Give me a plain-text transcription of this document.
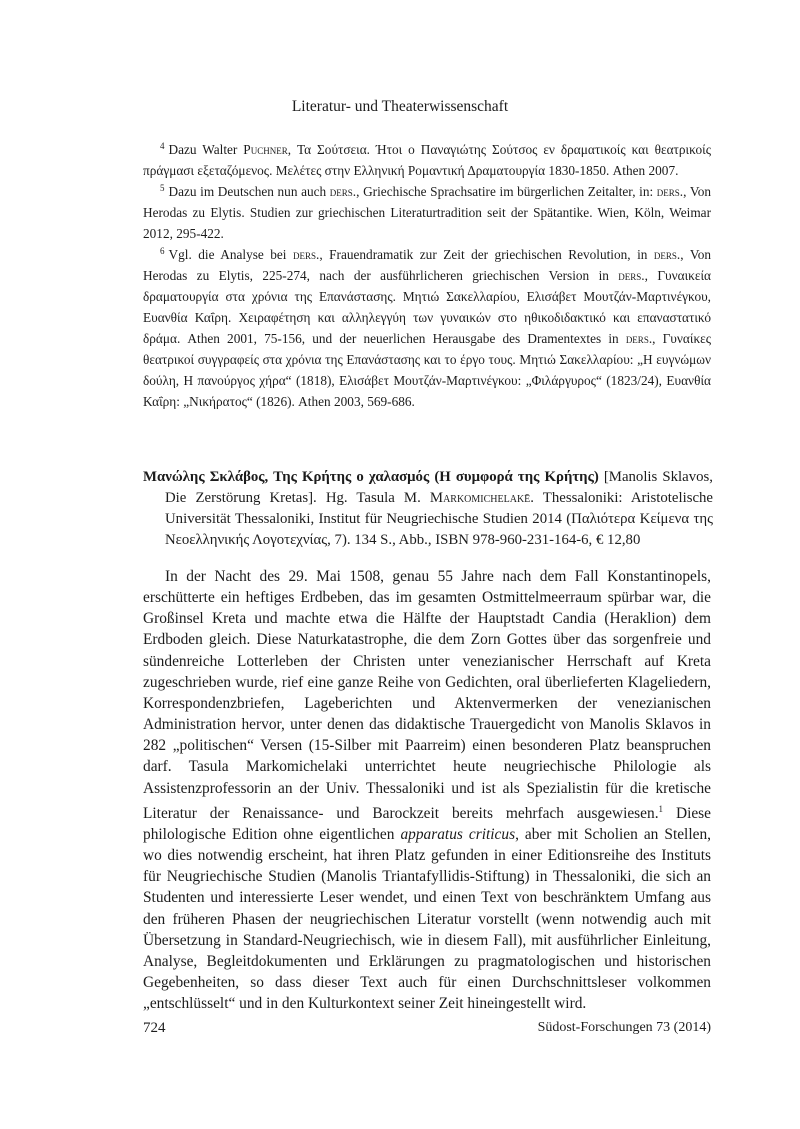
Literatur- und Theaterwissenschaft

$^4$ Dazu Walter Puchner, Τα Σούτσεια. Ήτοι ο Παναγιώτης Σούτσος εν δραματικοίς και θεατρικοίς πράγμασι εξεταζόμενος. Μελέτες στην Ελληνική Ρομαντική Δραματουργία 1830-1850. Athen 2007.

$^5$ Dazu im Deutschen nun auch ders., Griechische Sprachsatire im bürgerlichen Zeitalter, in: ders., Von Herodas zu Elytis. Studien zur griechischen Literaturtradition seit der Spätantike. Wien, Köln, Weimar 2012, 295-422.

$^6$ Vgl. die Analyse bei ders., Frauendramatik zur Zeit der griechischen Revolution, in ders., Von Herodas zu Elytis, 225-274, nach der ausführlicheren griechischen Version in ders., Γυναικεία δραματουργία στα χρόνια της Επανάστασης. Μητιώ Σακελλαρίου, Ελισάβετ Μουτζάν-Μαρτινέγκου, Ευανθία Καΐρη. Χειραφέτηση και αλληλεγγύη των γυναικών στο ηθικοδιδακτικό και επαναστατικό δράμα. Athen 2001, 75-156, und der neuerlichen Herausgabe des Dramentextes in ders., Γυναίκες θεατρικοί συγγραφείς στα χρόνια της Επανάστασης και το έργο τους. Μητιώ Σακελλαρίου: „Η ευγνώμων δούλη, Η πανούργος χήρα“ (1818), Ελισάβετ Μουτζάν-Μαρτινέγκου: „Φιλάργυρος“ (1823/24), Ευανθία Καΐρη: „Νικήρατος“ (1826). Athen 2003, 569-686.

Μανώλης Σκλάβος, Της Κρήτης ο χαλασμός (Η συμφορά της Κρήτης) [Manolis Sklavos, Die Zerstörung Kretas]. Hg. Tasula M. Markomichelakē. Thessaloniki: Aristotelische Universität Thessaloniki, Institut für Neugriechische Studien 2014 (Παλιότερα Κείμενα της Νεοελληνικής Λογοτεχνίας, 7). 134 S., Abb., ISBN 978-960-231-164-6, € 12,80

In der Nacht des 29. Mai 1508, genau 55 Jahre nach dem Fall Konstantinopels, erschütterte ein heftiges Erdbeben, das im gesamten Ostmittelmeerraum spürbar war, die Großinsel Kreta und machte etwa die Hälfte der Hauptstadt Candia (Heraklion) dem Erdboden gleich. Diese Naturkatastrophe, die dem Zorn Gottes über das sorgenfreie und sündenreiche Lotterleben der Christen unter venezianischer Herrschaft auf Kreta zugeschrieben wurde, rief eine ganze Reihe von Gedichten, oral überlieferten Klageliedern, Korrespondenzbriefen, Lageberichten und Aktenvermerken der venezianischen Administration hervor, unter denen das didaktische Trauergedicht von Manolis Sklavos in 282 „politischen“ Versen (15-Silber mit Paarreim) einen besonderen Platz beanspruchen darf. Tasula Markomichelaki unterrichtet heute neugriechische Philologie als Assistenzprofessorin an der Univ. Thessaloniki und ist als Spezialistin für die kretische Literatur der Renaissance- und Barockzeit bereits mehrfach ausgewiesen.$^1$ Diese philologische Edition ohne eigentlichen apparatus criticus, aber mit Scholien an Stellen, wo dies notwendig erscheint, hat ihren Platz gefunden in einer Editionsreihe des Instituts für Neugriechische Studien (Manolis Triantafyllidis-Stiftung) in Thessaloniki, die sich an Studenten und interessierte Leser wendet, und einen Text von beschränktem Umfang aus den früheren Phasen der neugriechischen Literatur vorstellt (wenn notwendig auch mit Übersetzung in Standard-Neugriechisch, wie in diesem Fall), mit ausführlicher Einleitung, Analyse, Begleitdokumenten und Erklärungen zu pragmatologischen und historischen Gegebenheiten, so dass dieser Text auch für einen Durchschnittsleser volkommen „entschlüsselt“ und in den Kulturkontext seiner Zeit hineingestellt wird.

724	Südost-Forschungen 73 (2014)
